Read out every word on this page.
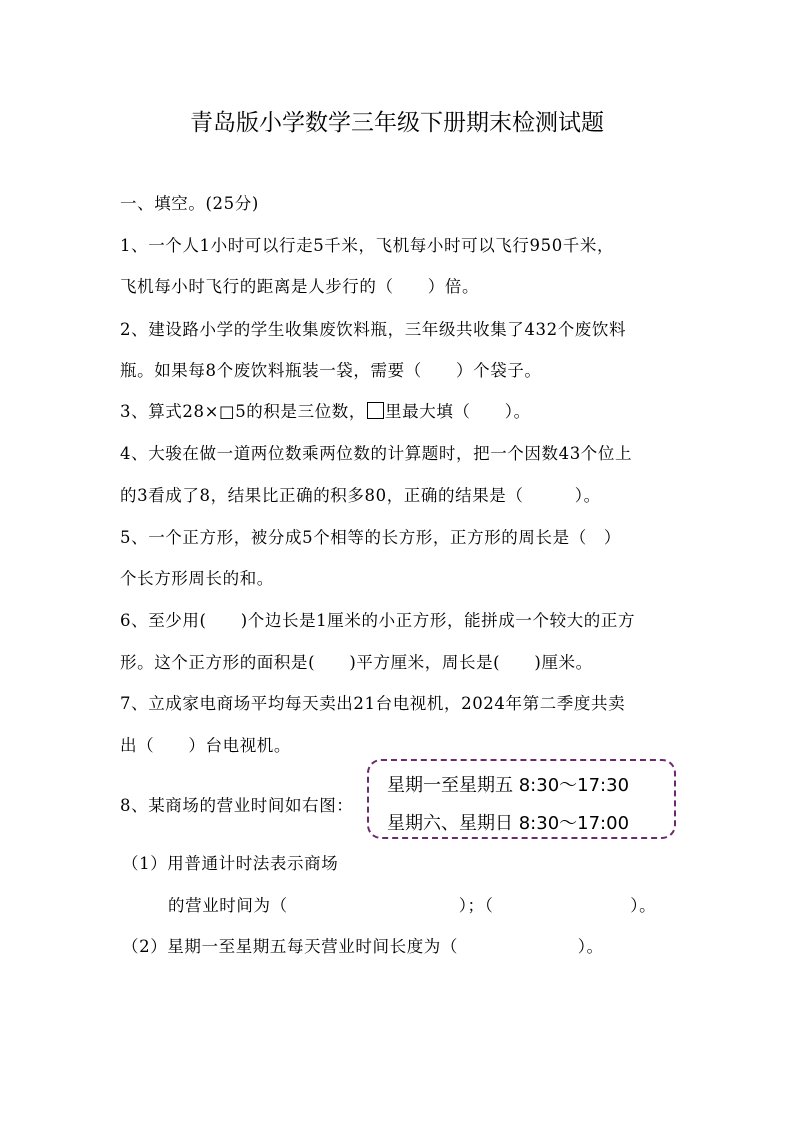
青岛版小学数学三年级下册期末检测试题
一、填空。(25分)
1、一个人1小时可以行走5千米，飞机每小时可以飞行950千米，
飞机每小时飞行的距离是人步行的（　　）倍。
2、建设路小学的学生收集废饮料瓶，三年级共收集了432个废饮料
瓶。如果每8个废饮料瓶装一袋，需要（　　）个袋子。
3、算式28×□5的积是三位数， 里最大填（　　）。
4、大骏在做一道两位数乘两位数的计算题时，把一个因数43个位上
的3看成了8，结果比正确的积多80，正确的结果是（　　　）。
5、一个正方形，被分成5个相等的长方形，正方形的周长是（　）
个长方形周长的和。
6、至少用(　　)个边长是1厘米的小正方形，能拼成一个较大的正方
形。这个正方形的面积是(　　)平方厘米，周长是(　　)厘米。
7、立成家电商场平均每天卖出21台电视机，2024年第二季度共卖
出（　　）台电视机。
8、某商场的营业时间如右图：
星期一至星期五 8:30～17:30
星期六、星期日 8:30～17:00
（1）用普通计时法表示商场
的营业时间为（　　　　　　　　　　）；（　　　　　　　　）。
（2）星期一至星期五每天营业时间长度为（　　　　　　　）。
